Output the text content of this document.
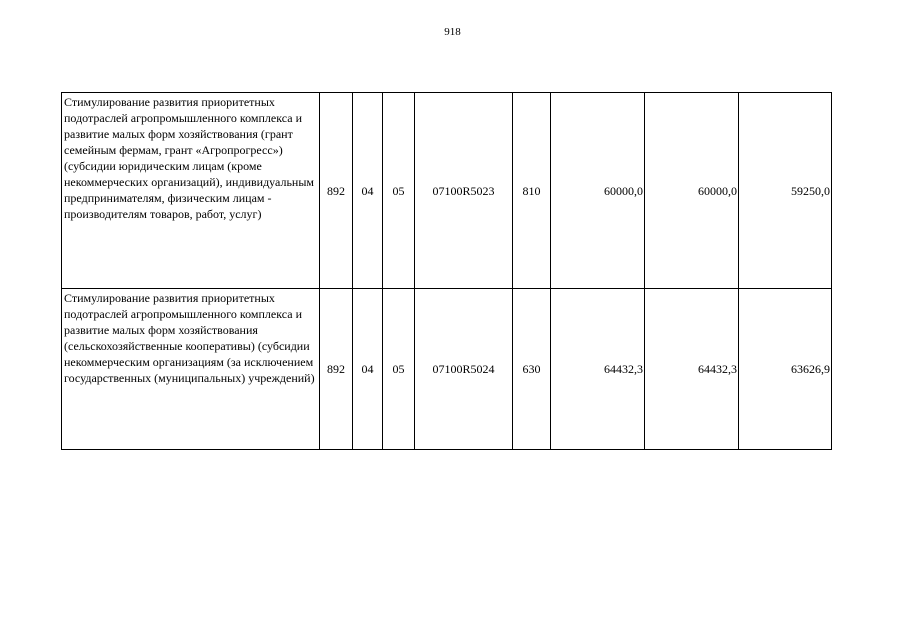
918
Стимулирование развития приоритетных подотраслей агропромышленного комплекса и развитие малых форм хозяйствования (грант семейным фермам, грант «Агропрогресс») (субсидии юридическим лицам (кроме некоммерческих организаций), индивидуальным предпринимателям, физическим лицам - производителям товаров, работ, услуг)	892	04	05	07100R5023	810	60000,0	60000,0	59250,0
Стимулирование развития приоритетных подотраслей агропромышленного комплекса и развитие малых форм хозяйствования (сельскохозяйственные кооперативы) (субсидии некоммерческим организациям (за исключением государственных (муниципальных) учреждений)	892	04	05	07100R5024	630	64432,3	64432,3	63626,9
